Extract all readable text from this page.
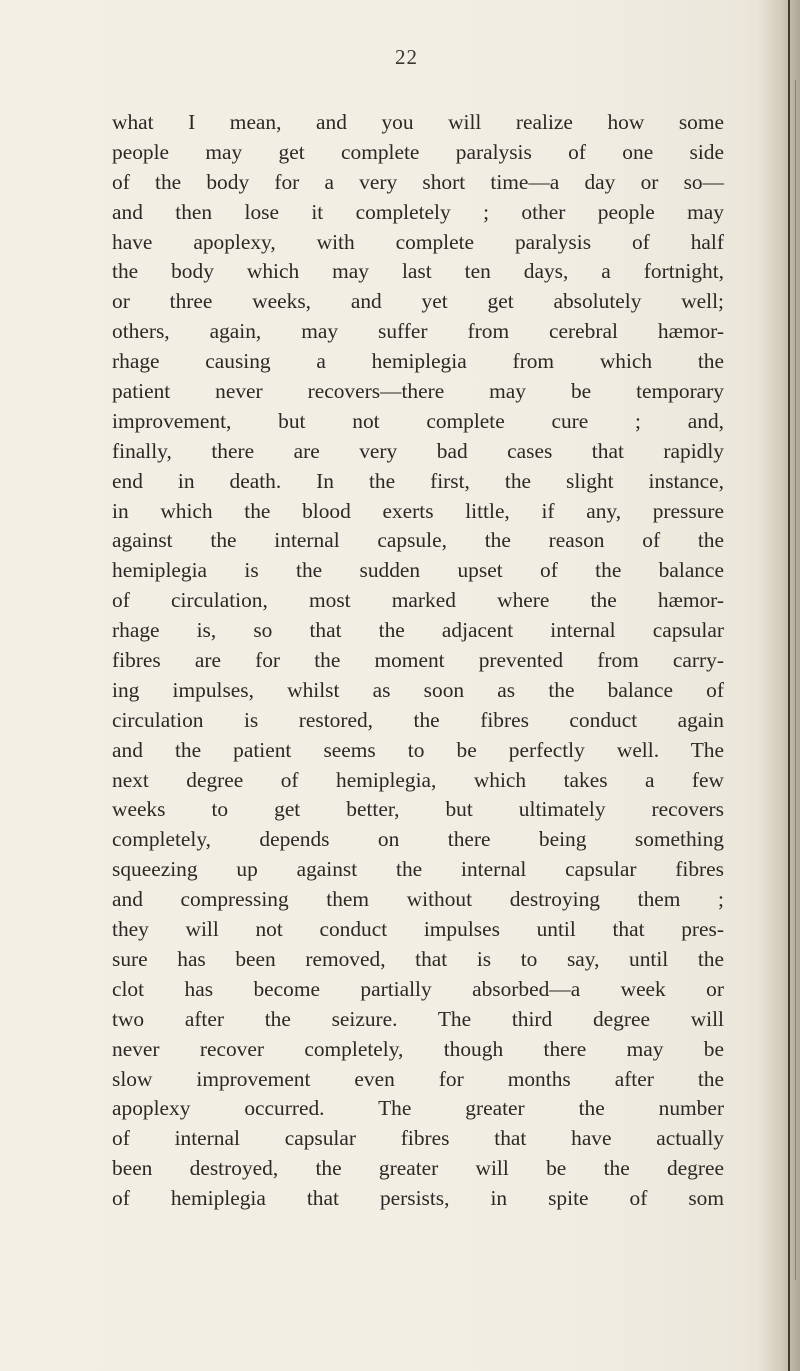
22
what I mean, and you will realize how some
people may get complete paralysis of one side
of the body for a very short time—a day or so—
and then lose it completely ; other people may
have apoplexy, with complete paralysis of half
the body which may last ten days, a fortnight,
or three weeks, and yet get absolutely well;
others, again, may suffer from cerebral hæmor-
rhage causing a hemiplegia from which the
patient never recovers—there may be temporary
improvement, but not complete cure ; and,
finally, there are very bad cases that rapidly
end in death. In the first, the slight instance,
in which the blood exerts little, if any, pressure
against the internal capsule, the reason of the
hemiplegia is the sudden upset of the balance
of circulation, most marked where the hæmor-
rhage is, so that the adjacent internal capsular
fibres are for the moment prevented from carry-
ing impulses, whilst as soon as the balance of
circulation is restored, the fibres conduct again
and the patient seems to be perfectly well. The
next degree of hemiplegia, which takes a few
weeks to get better, but ultimately recovers
completely, depends on there being something
squeezing up against the internal capsular fibres
and compressing them without destroying them ;
they will not conduct impulses until that pres-
sure has been removed, that is to say, until the
clot has become partially absorbed—a week or
two after the seizure. The third degree will
never recover completely, though there may be
slow improvement even for months after the
apoplexy occurred. The greater the number
of internal capsular fibres that have actually
been destroyed, the greater will be the degree
of hemiplegia that persists, in spite of som
